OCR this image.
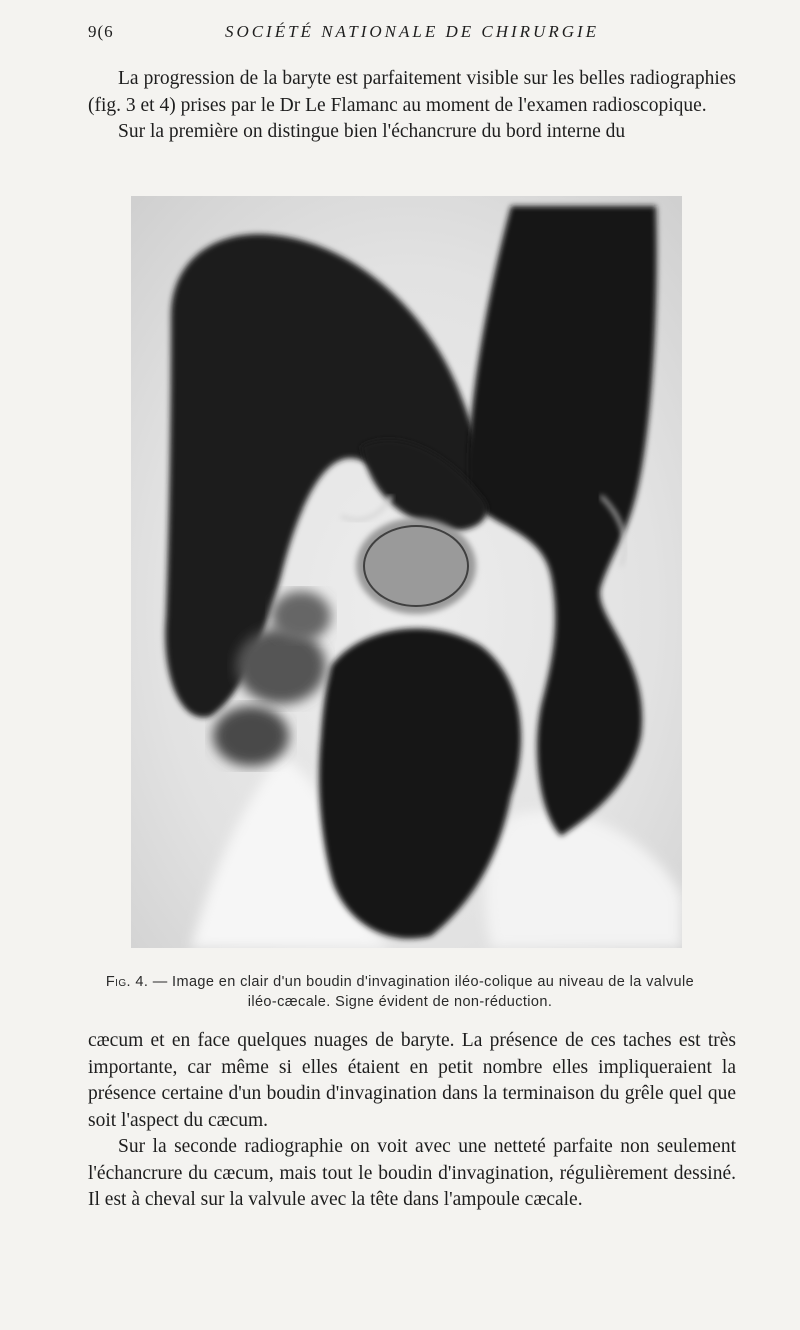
9(6	SOCIÉTÉ NATIONALE DE CHIRURGIE

La progression de la baryte est parfaitement visible sur les belles radiographies (fig. 3 et 4) prises par le Dr Le Flamanc au moment de l'examen radioscopique.

Sur la première on distingue bien l'échancrure du bord interne du

Fig. 4. — Image en clair d'un boudin d'invagination iléo-colique au niveau de la valvule iléo-cæcale. Signe évident de non-réduction.

cæcum et en face quelques nuages de baryte. La présence de ces taches est très importante, car même si elles étaient en petit nombre elles impliqueraient la présence certaine d'un boudin d'invagination dans la terminaison du grêle quel que soit l'aspect du cæcum.

Sur la seconde radiographie on voit avec une netteté parfaite non seulement l'échancrure du cæcum, mais tout le boudin d'invagination, régulièrement dessiné. Il est à cheval sur la valvule avec la tête dans l'ampoule cæcale.
